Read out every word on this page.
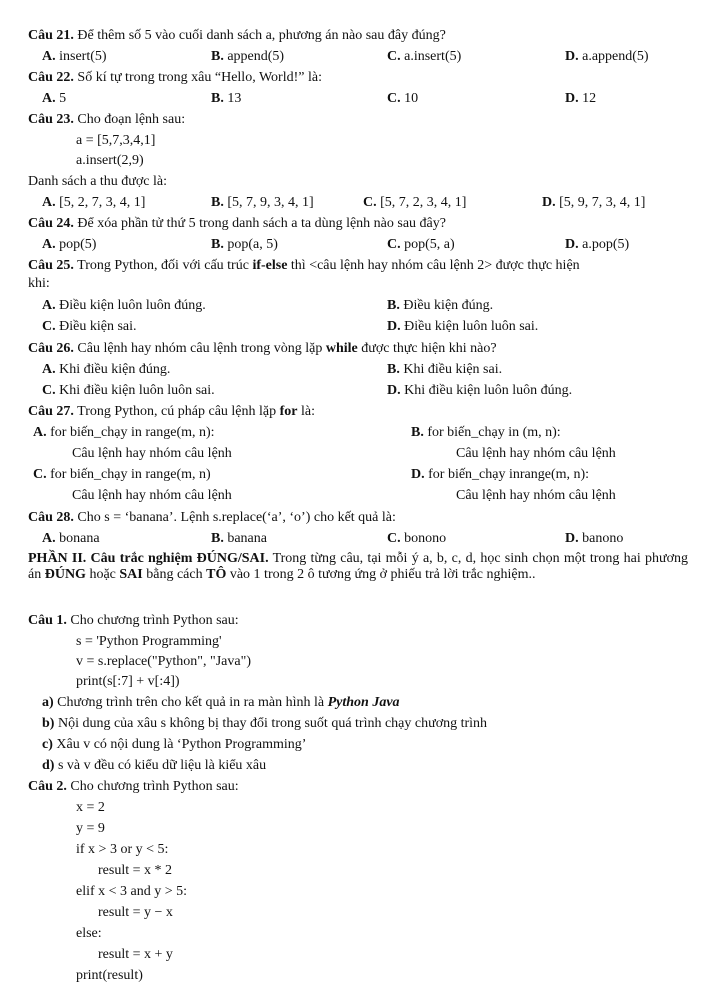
Câu 21. Để thêm số 5 vào cuối danh sách a, phương án nào sau đây đúng?
A. insert(5)	B. append(5)	C. a.insert(5)	D. a.append(5)
Câu 22. Số kí tự trong trong xâu “Hello, World!” là:
A. 5	B. 13	C. 10	D. 12
Câu 23. Cho đoạn lệnh sau:
a = [5,7,3,4,1]
a.insert(2,9)
Danh sách a thu được là:
A. [5, 2, 7, 3, 4, 1]	B. [5, 7, 9, 3, 4, 1]	C. [5, 7, 2, 3, 4, 1]	D. [5, 9, 7, 3, 4, 1]
Câu 24. Để xóa phần tử thứ 5 trong danh sách a ta dùng lệnh nào sau đây?
A. pop(5)	B. pop(a, 5)	C. pop(5, a)	D. a.pop(5)
Câu 25. Trong Python, đối với cấu trúc if-else thì <câu lệnh hay nhóm câu lệnh 2> được thực hiện
khi:
A. Điều kiện luôn luôn đúng.	B. Điều kiện đúng.
C. Điều kiện sai.	D. Điều kiện luôn luôn sai.
Câu 26. Câu lệnh hay nhóm câu lệnh trong vòng lặp while được thực hiện khi nào?
A. Khi điều kiện đúng.	B. Khi điều kiện sai.
C. Khi điều kiện luôn luôn sai.	D. Khi điều kiện luôn luôn đúng.
Câu 27. Trong Python, cú pháp câu lệnh lặp for là:
A. for biến_chạy in range(m, n):	B. for biến_chạy in (m, n):
Câu lệnh hay nhóm câu lệnh	Câu lệnh hay nhóm câu lệnh
C. for biến_chạy in range(m, n)	D. for biến_chạy inrange(m, n):
Câu lệnh hay nhóm câu lệnh	Câu lệnh hay nhóm câu lệnh
Câu 28. Cho s = ‘banana’. Lệnh s.replace(‘a’, ‘o’) cho kết quả là:
A. bonana	B. banana	C. bonono	D. banono
PHẦN II. Câu trắc nghiệm ĐÚNG/SAI. Trong từng câu, tại mỗi ý a, b, c, d, học sinh chọn một trong hai phương án ĐÚNG hoặc SAI bằng cách TÔ vào 1 trong 2 ô tương ứng ở phiếu trả lời trắc nghiệm..
Câu 1. Cho chương trình Python sau:
s = 'Python Programming'
v = s.replace("Python", "Java")
print(s[:7] + v[:4])
a) Chương trình trên cho kết quả in ra màn hình là Python Java
b) Nội dung của xâu s không bị thay đổi trong suốt quá trình chạy chương trình
c) Xâu v có nội dung là ‘Python Programming’
d) s và v đều có kiểu dữ liệu là kiểu xâu
Câu 2. Cho chương trình Python sau:
x = 2
y = 9
if x > 3 or y < 5:
result = x * 2
elif x < 3 and y > 5:
result = y − x
else:
result = x + y
print(result)
